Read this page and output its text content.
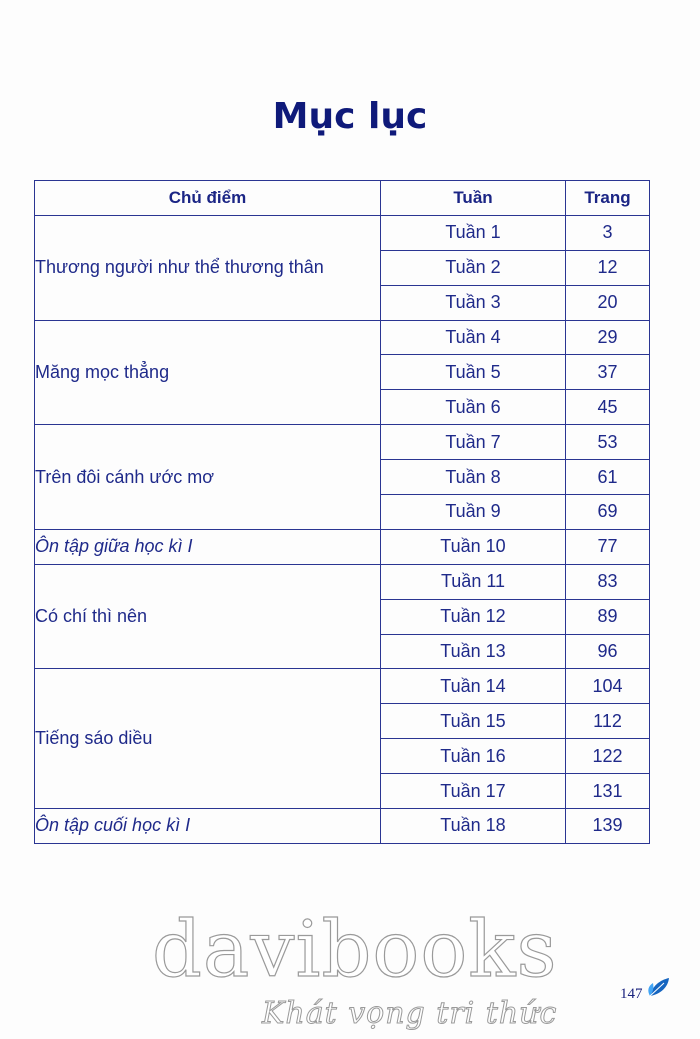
Mục lục
Chủ điểm	Tuần	Trang
Thương người như thể thương thân	Tuần 1	3
	Tuần 2	12
	Tuần 3	20
Măng mọc thẳng	Tuần 4	29
	Tuần 5	37
	Tuần 6	45
Trên đôi cánh ước mơ	Tuần 7	53
	Tuần 8	61
	Tuần 9	69
Ôn tập giữa học kì I	Tuần 10	77
Có chí thì nên	Tuần 11	83
	Tuần 12	89
	Tuần 13	96
Tiếng sáo diều	Tuần 14	104
	Tuần 15	112
	Tuần 16	122
	Tuần 17	131
Ôn tập cuối học kì I	Tuần 18	139
davibooks
Khát vọng tri thức
147
